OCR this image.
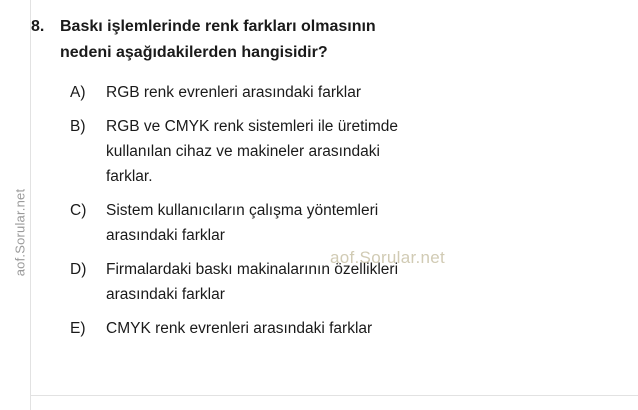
aof.Sorular.net
8. Baskı işlemlerinde renk farkları olmasının
nedeni aşağıdakilerden hangisidir?
A)	RGB renk evrenleri arasındaki farklar
B)	RGB ve CMYK renk sistemleri ile üretimde
kullanılan cihaz ve makineler arasındaki
farklar.
C)	Sistem kullanıcıların çalışma yöntemleri
arasındaki farklar
D)	Firmalardaki baskı makinalarının özellikleri
arasındaki farklar
E)	CMYK renk evrenleri arasındaki farklar
aof.Sorular.net
